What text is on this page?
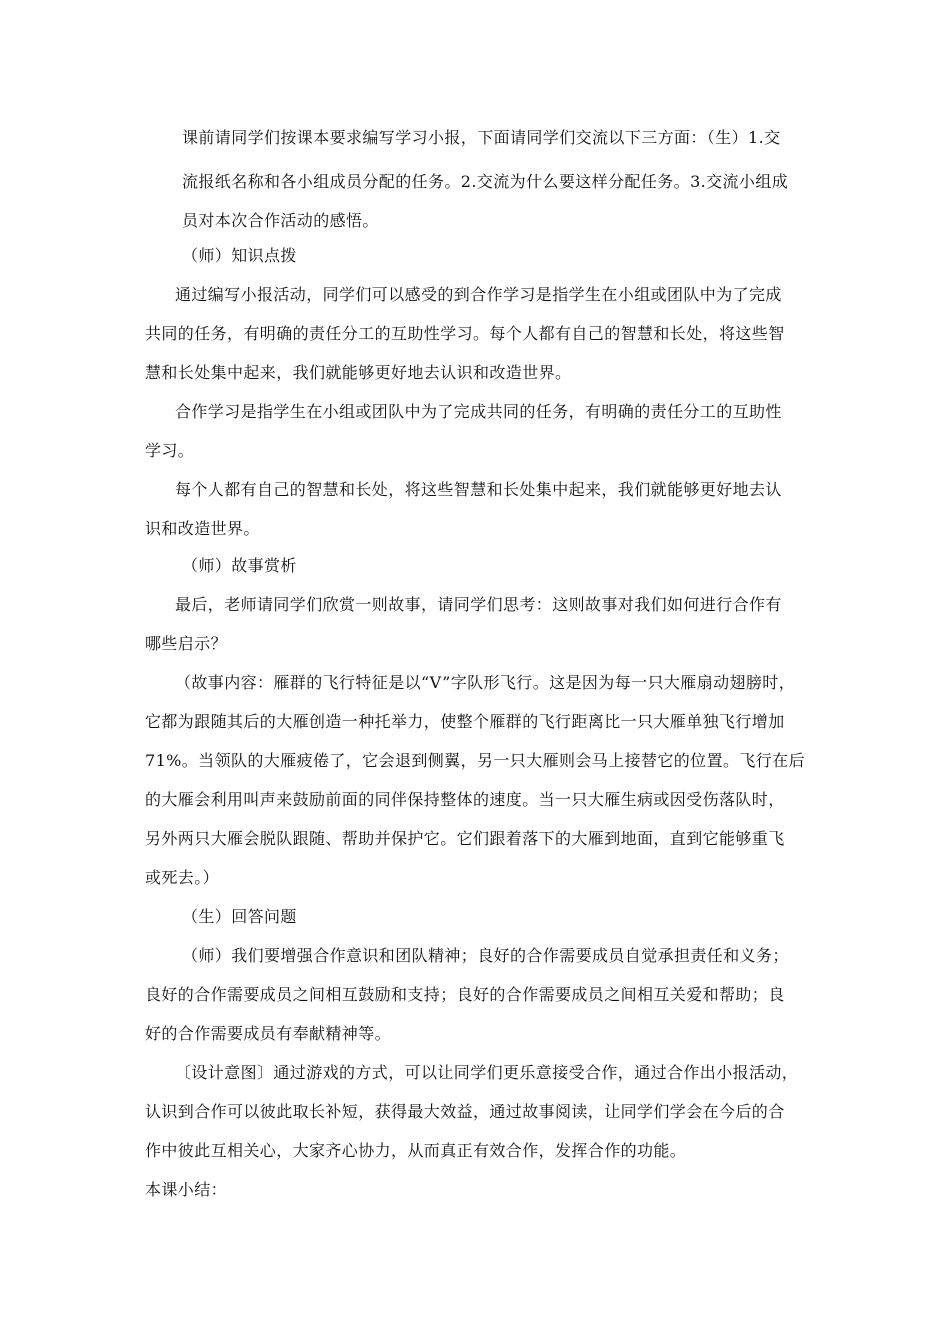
课前请同学们按课本要求编写学习小报，下面请同学们交流以下三方面：（生）1.交
流报纸名称和各小组成员分配的任务。2.交流为什么要这样分配任务。3.交流小组成
员对本次合作活动的感悟。
（师）知识点拨
通过编写小报活动，同学们可以感受的到合作学习是指学生在小组或团队中为了完成
共同的任务，有明确的责任分工的互助性学习。每个人都有自己的智慧和长处，将这些智
慧和长处集中起来，我们就能够更好地去认识和改造世界。
合作学习是指学生在小组或团队中为了完成共同的任务，有明确的责任分工的互助性
学习。
每个人都有自己的智慧和长处，将这些智慧和长处集中起来，我们就能够更好地去认
识和改造世界。
（师）故事赏析
最后，老师请同学们欣赏一则故事，请同学们思考：这则故事对我们如何进行合作有
哪些启示？
（故事内容：雁群的飞行特征是以“V”字队形飞行。这是因为每一只大雁扇动翅膀时，
它都为跟随其后的大雁创造一种托举力，使整个雁群的飞行距离比一只大雁单独飞行增加
71%。当领队的大雁疲倦了，它会退到侧翼，另一只大雁则会马上接替它的位置。飞行在后
的大雁会利用叫声来鼓励前面的同伴保持整体的速度。当一只大雁生病或因受伤落队时，
另外两只大雁会脱队跟随、帮助并保护它。它们跟着落下的大雁到地面，直到它能够重飞
或死去。）
（生）回答问题
（师）我们要增强合作意识和团队精神；良好的合作需要成员自觉承担责任和义务；
良好的合作需要成员之间相互鼓励和支持；良好的合作需要成员之间相互关爱和帮助；良
好的合作需要成员有奉献精神等。
〔设计意图〕通过游戏的方式，可以让同学们更乐意接受合作，通过合作出小报活动，
认识到合作可以彼此取长补短，获得最大效益，通过故事阅读，让同学们学会在今后的合
作中彼此互相关心，大家齐心协力，从而真正有效合作，发挥合作的功能。
本课小结：
